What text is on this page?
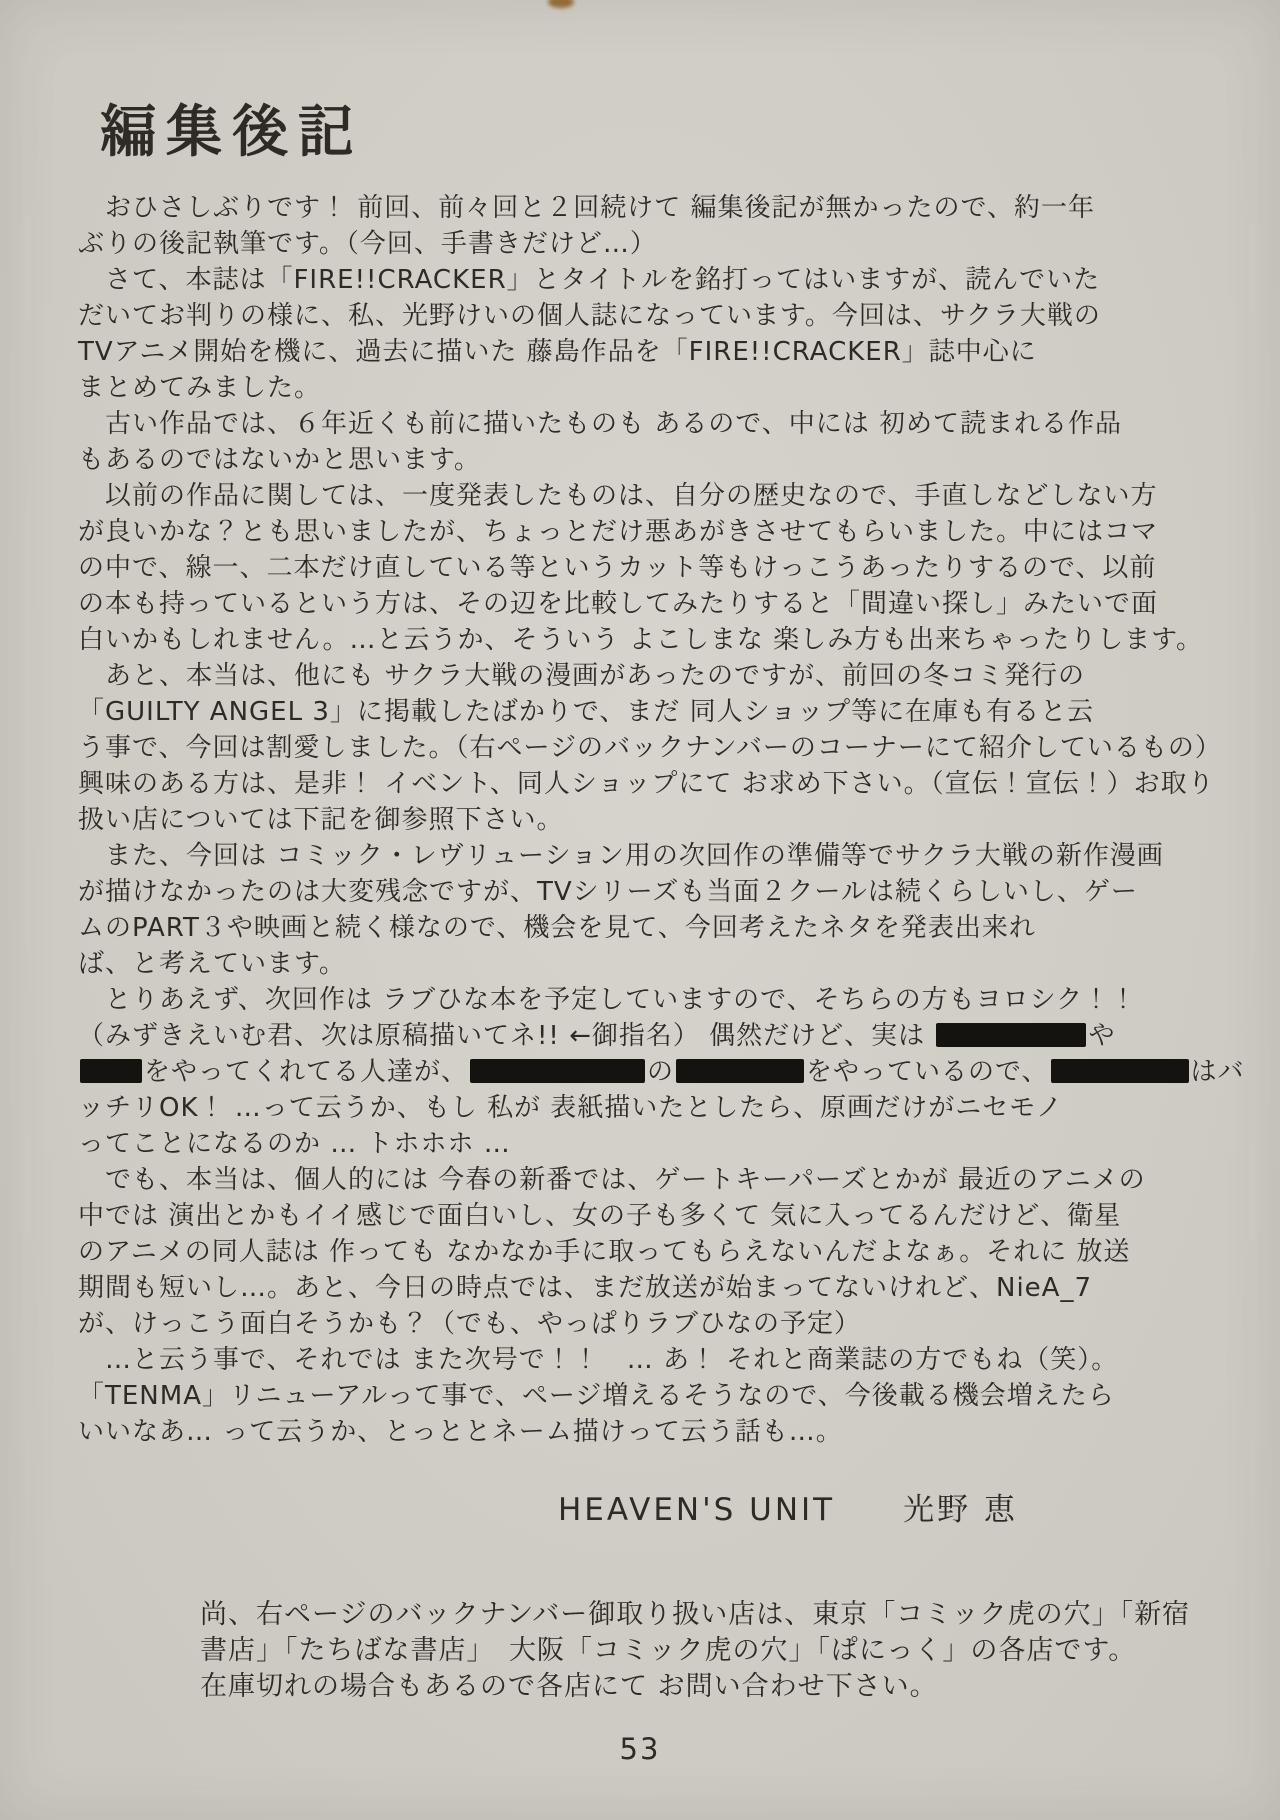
編集後記
　おひさしぶりです！ 前回、前々回と２回続けて 編集後記が無かったので、約一年
ぶりの後記執筆です。（今回、手書きだけど…）
　さて、本誌は「FIRE!!CRACKER」とタイトルを銘打ってはいますが、読んでいた
だいてお判りの様に、私、光野けいの個人誌になっています。今回は、サクラ大戦の
TVアニメ開始を機に、過去に描いた 藤島作品を「FIRE!!CRACKER」誌中心に
まとめてみました。
　古い作品では、６年近くも前に描いたものも あるので、中には 初めて読まれる作品
もあるのではないかと思います。
　以前の作品に関しては、一度発表したものは、自分の歴史なので、手直しなどしない方
が良いかな？とも思いましたが、ちょっとだけ悪あがきさせてもらいました。中にはコマ
の中で、線一、二本だけ直している等というカット等もけっこうあったりするので、以前
の本も持っているという方は、その辺を比較してみたりすると「間違い探し」みたいで面
白いかもしれません。…と云うか、そういう よこしまな 楽しみ方も出来ちゃったりします。
　あと、本当は、他にも サクラ大戦の漫画があったのですが、前回の冬コミ発行の
「GUILTY ANGEL 3」に掲載したばかりで、まだ 同人ショップ等に在庫も有ると云
う事で、今回は割愛しました。（右ページのバックナンバーのコーナーにて紹介しているもの）
興味のある方は、是非！ イベント、同人ショップにて お求め下さい。（宣伝！宣伝！）お取り
扱い店については下記を御参照下さい。
　また、今回は コミック・レヴリューション用の次回作の準備等でサクラ大戦の新作漫画
が描けなかったのは大変残念ですが、TVシリーズも当面２クールは続くらしいし、ゲー
ムのPART３や映画と続く様なので、機会を見て、今回考えたネタを発表出来れ
ば、と考えています。
　とりあえず、次回作は ラブひな本を予定していますので、そちらの方もヨロシク！！
（みずきえいむ君、次は原稿描いてネ!! ←御指名） 偶然だけど、実は	や
をやってくれてる人達が、	の	をやっているので、	はバ
ッチリOK！ …って云うか、もし 私が 表紙描いたとしたら、原画だけがニセモノ
ってことになるのか … トホホホ …
　でも、本当は、個人的には 今春の新番では、ゲートキーパーズとかが 最近のアニメの
中では 演出とかもイイ感じで面白いし、女の子も多くて 気に入ってるんだけど、衛星
のアニメの同人誌は 作っても なかなか手に取ってもらえないんだよなぁ。それに 放送
期間も短いし…。あと、今日の時点では、まだ放送が始まってないけれど、NieA_7
が、けっこう面白そうかも？（でも、やっぱりラブひなの予定）
　…と云う事で、それでは また次号で！！　… あ！ それと商業誌の方でもね（笑）。
「TENMA」リニューアルって事で、ページ増えるそうなので、今後載る機会増えたら
いいなあ… って云うか、とっととネーム描けって云う話も…。
HEAVEN'S UNIT　　光野 恵
尚、右ページのバックナンバー御取り扱い店は、東京「コミック虎の穴」「新宿
書店」「たちばな書店」　大阪「コミック虎の穴」「ぱにっく」の各店です。
在庫切れの場合もあるので各店にて お問い合わせ下さい。
53
